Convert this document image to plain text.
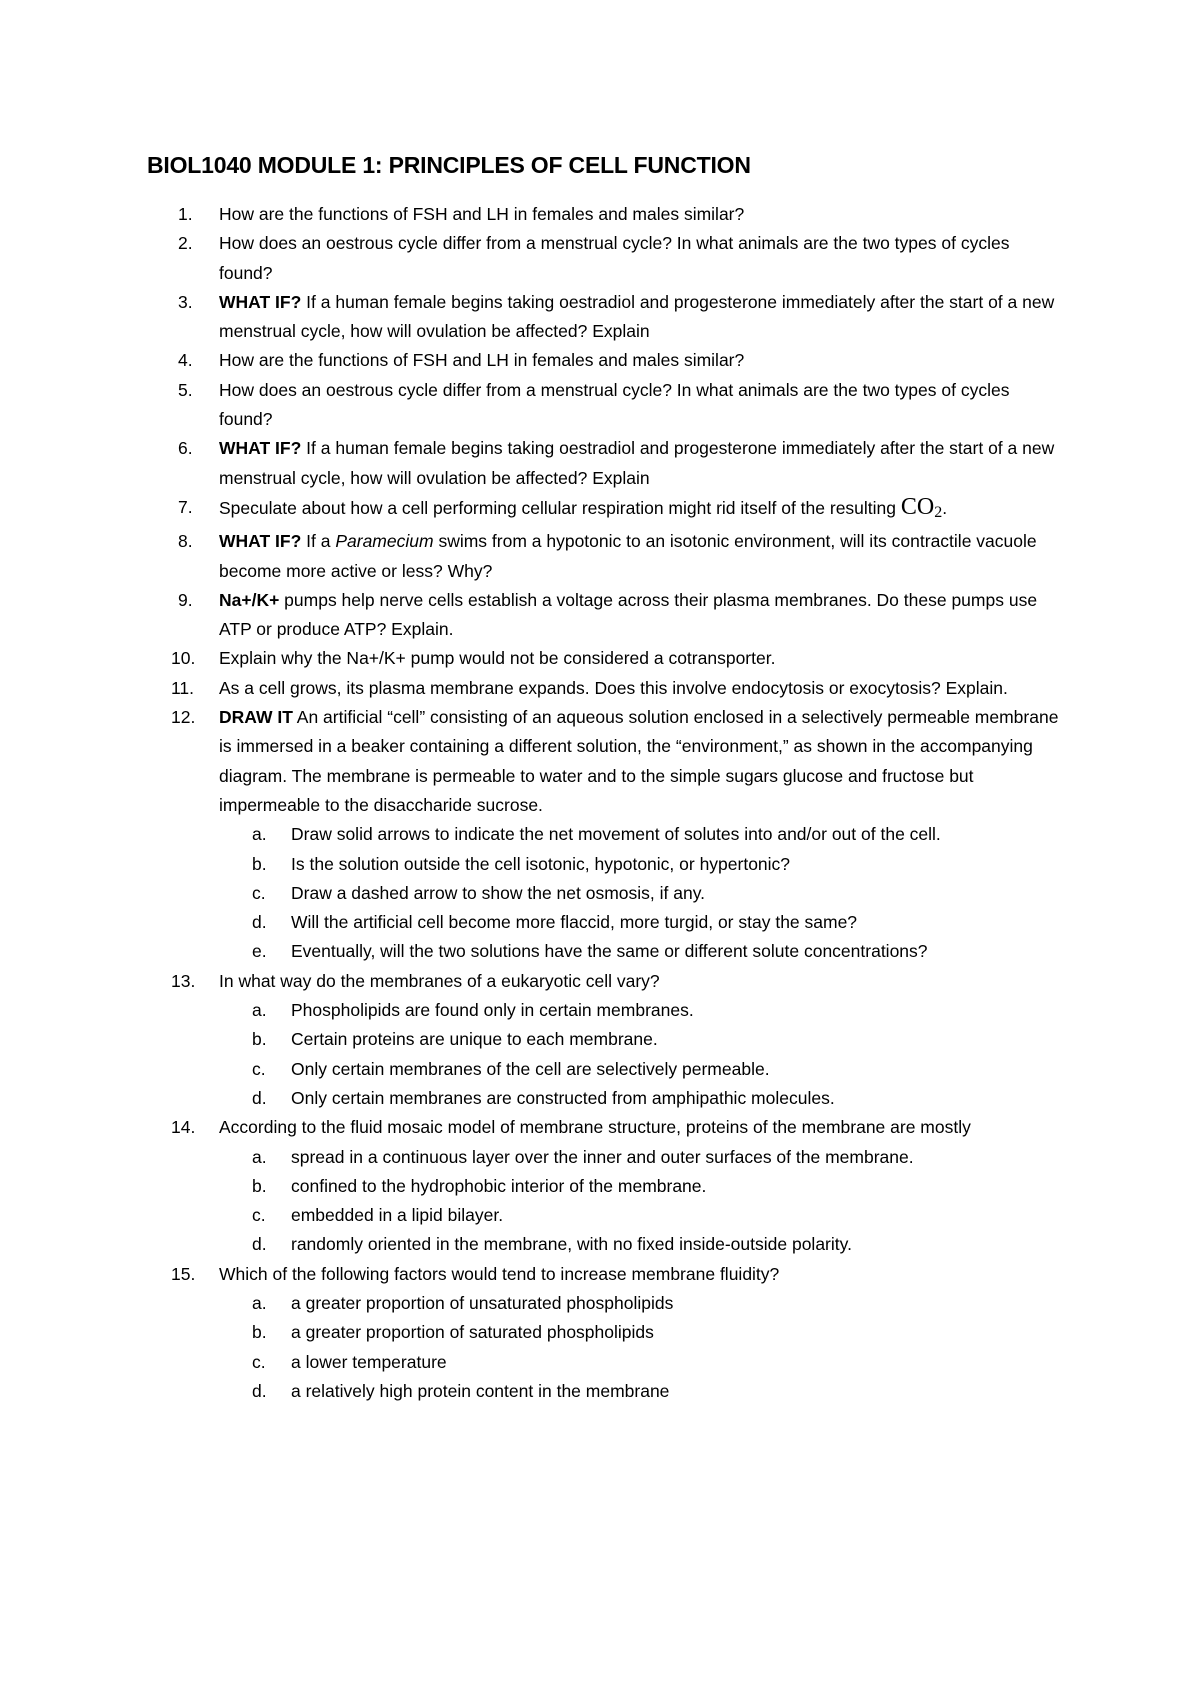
BIOL1040 MODULE 1: PRINCIPLES OF CELL FUNCTION
1. How are the functions of FSH and LH in females and males similar?
2. How does an oestrous cycle differ from a menstrual cycle? In what animals are the two types of cycles found?
3. WHAT IF? If a human female begins taking oestradiol and progesterone immediately after the start of a new menstrual cycle, how will ovulation be affected? Explain
4. How are the functions of FSH and LH in females and males similar?
5. How does an oestrous cycle differ from a menstrual cycle? In what animals are the two types of cycles found?
6. WHAT IF? If a human female begins taking oestradiol and progesterone immediately after the start of a new menstrual cycle, how will ovulation be affected? Explain
7. Speculate about how a cell performing cellular respiration might rid itself of the resulting $CO_2$.
8. WHAT IF? If a Paramecium swims from a hypotonic to an isotonic environment, will its contractile vacuole become more active or less? Why?
9. Na+/K+ pumps help nerve cells establish a voltage across their plasma membranes. Do these pumps use ATP or produce ATP? Explain.
10. Explain why the Na+/K+ pump would not be considered a cotransporter.
11. As a cell grows, its plasma membrane expands. Does this involve endocytosis or exocytosis? Explain.
12. DRAW IT An artificial “cell” consisting of an aqueous solution enclosed in a selectively permeable membrane is immersed in a beaker containing a different solution, the “environment,” as shown in the accompanying diagram. The membrane is permeable to water and to the simple sugars glucose and fructose but impermeable to the disaccharide sucrose.
a. Draw solid arrows to indicate the net movement of solutes into and/or out of the cell.
b. Is the solution outside the cell isotonic, hypotonic, or hypertonic?
c. Draw a dashed arrow to show the net osmosis, if any.
d. Will the artificial cell become more flaccid, more turgid, or stay the same?
e. Eventually, will the two solutions have the same or different solute concentrations?
13. In what way do the membranes of a eukaryotic cell vary?
a. Phospholipids are found only in certain membranes.
b. Certain proteins are unique to each membrane.
c. Only certain membranes of the cell are selectively permeable.
d. Only certain membranes are constructed from amphipathic molecules.
14. According to the fluid mosaic model of membrane structure, proteins of the membrane are mostly
a. spread in a continuous layer over the inner and outer surfaces of the membrane.
b. confined to the hydrophobic interior of the membrane.
c. embedded in a lipid bilayer.
d. randomly oriented in the membrane, with no fixed inside-outside polarity.
15. Which of the following factors would tend to increase membrane fluidity?
a. a greater proportion of unsaturated phospholipids
b. a greater proportion of saturated phospholipids
c. a lower temperature
d. a relatively high protein content in the membrane
